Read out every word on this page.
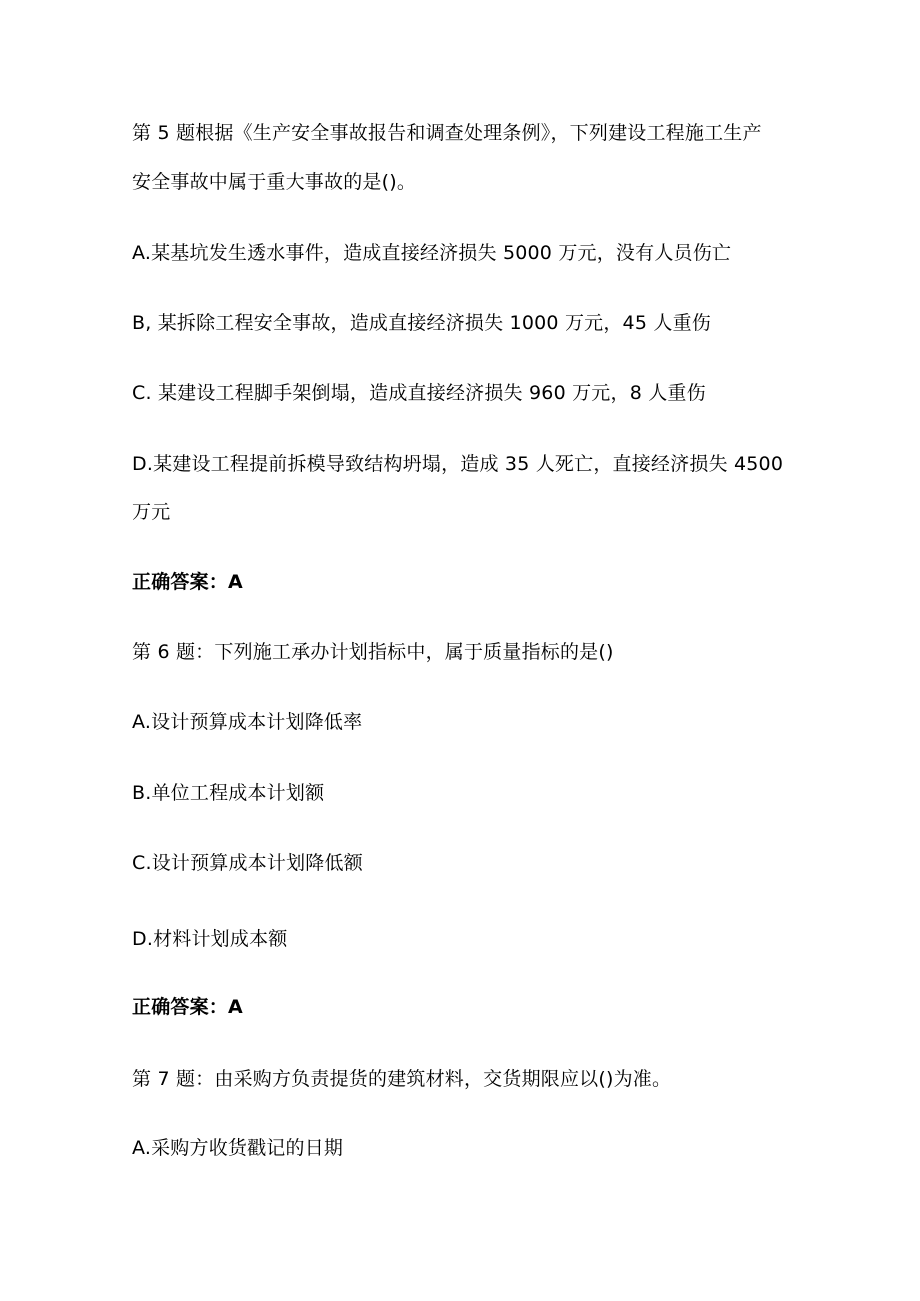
第 5 题根据《生产安全事故报告和调查处理条例》，下列建设工程施工生产
安全事故中属于重大事故的是()。
A.某基坑发生透水事件，造成直接经济损失 5000 万元，没有人员伤亡
B, 某拆除工程安全事故，造成直接经济损失 1000 万元，45 人重伤
C. 某建设工程脚手架倒塌，造成直接经济损失 960 万元，8 人重伤
D.某建设工程提前拆模导致结构坍塌，造成 35 人死亡，直接经济损失 4500
万元
正确答案：A
第 6 题：下列施工承办计划指标中，属于质量指标的是()
A.设计预算成本计划降低率
B.单位工程成本计划额
C.设计预算成本计划降低额
D.材料计划成本额
正确答案：A
第 7 题：由采购方负责提货的建筑材料，交货期限应以()为准。
A.采购方收货戳记的日期
